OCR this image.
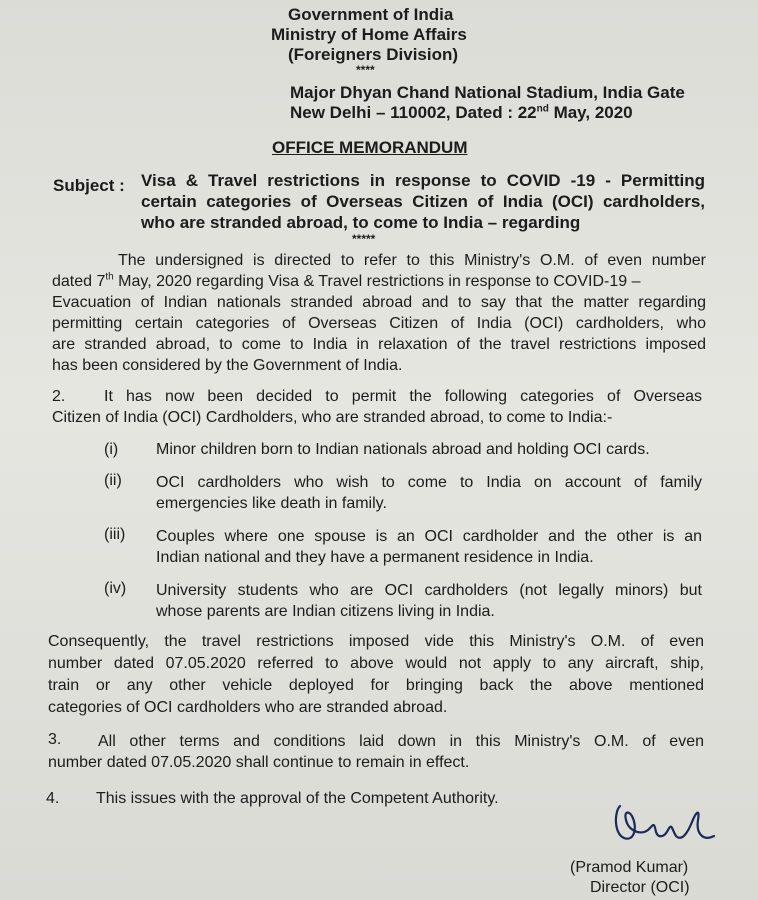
Government of India
Ministry of Home Affairs
(Foreigners Division)
****
Major Dhyan Chand National Stadium, India Gate
New Delhi – 110002, Dated : 22nd May, 2020
OFFICE MEMORANDUM
Subject : Visa & Travel restrictions in response to COVID -19 - Permitting
certain categories of Overseas Citizen of India (OCI) cardholders,
who are stranded abroad, to come to India – regarding
*****
The undersigned is directed to refer to this Ministry's O.M. of even number
dated 7th May, 2020 regarding Visa & Travel restrictions in response to COVID-19 –
Evacuation of Indian nationals stranded abroad and to say that the matter regarding
permitting certain categories of Overseas Citizen of India (OCI) cardholders, who
are stranded abroad, to come to India in relaxation of the travel restrictions imposed
has been considered by the Government of India.
2. It has now been decided to permit the following categories of Overseas
Citizen of India (OCI) Cardholders, who are stranded abroad, to come to India:-
(i) Minor children born to Indian nationals abroad and holding OCI cards.
(ii) OCI cardholders who wish to come to India on account of family
emergencies like death in family.
(iii) Couples where one spouse is an OCI cardholder and the other is an
Indian national and they have a permanent residence in India.
(iv) University students who are OCI cardholders (not legally minors) but
whose parents are Indian citizens living in India.
Consequently, the travel restrictions imposed vide this Ministry's O.M. of even
number dated 07.05.2020 referred to above would not apply to any aircraft, ship,
train or any other vehicle deployed for bringing back the above mentioned
categories of OCI cardholders who are stranded abroad.
3. All other terms and conditions laid down in this Ministry's O.M. of even
number dated 07.05.2020 shall continue to remain in effect.
4. This issues with the approval of the Competent Authority.
(Pramod Kumar)
Director (OCI)
